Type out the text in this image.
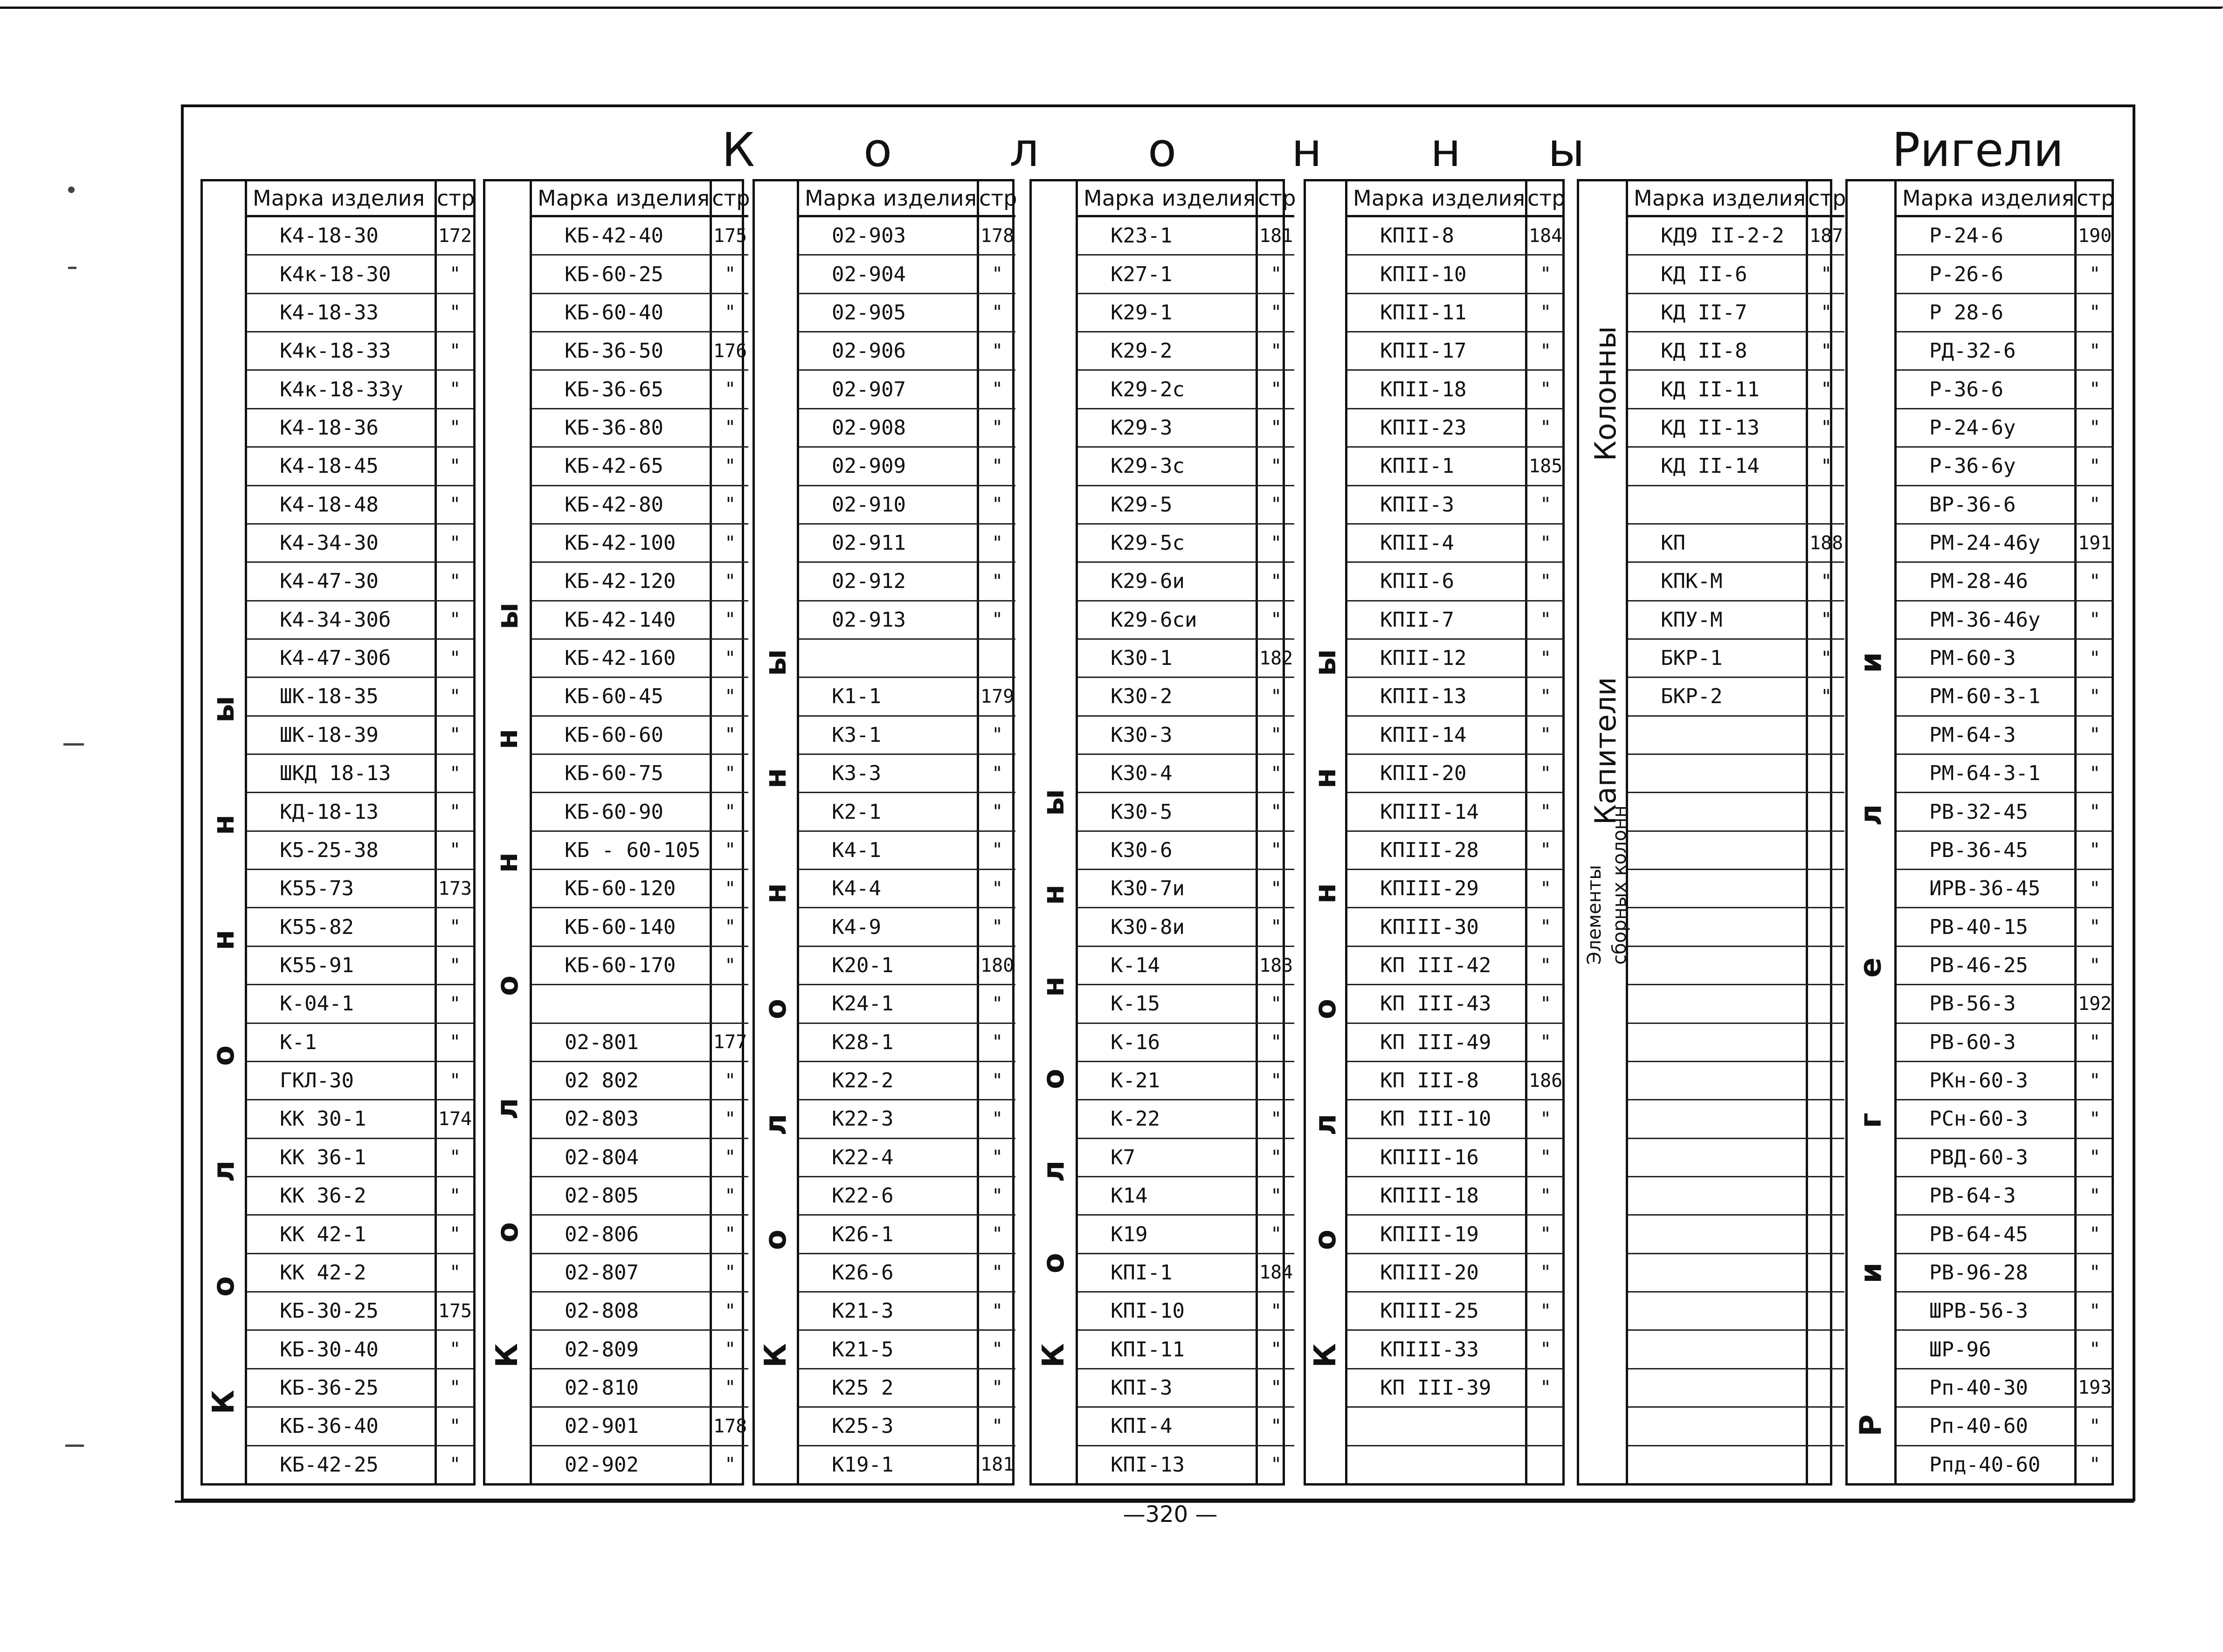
К о	л о н н ы	Ригели
ы
н
н
о
л
о
К
Марка изделия стр
К4-18-30	172
К4к-18-30	"
К4-18-33	"
К4к-18-33	"
К4к-18-33у	"
К4-18-36	"
К4-18-45	"
К4-18-48	"
К4-34-30	"
К4-47-30	"
К4-34-30б	"
К4-47-30б	"
ШК-18-35	"
ШК-18-39	"
ШКД 18-13	"
КД-18-13	"
К5-25-38	"
К55-73	173
К55-82	"
К55-91	"
К-04-1	"
К-1	"
ГКЛ-30	"
КК 30-1	174
КК 36-1	"
КК 36-2	"
КК 42-1	"
КК 42-2	"
КБ-30-25	175
КБ-30-40	"
КБ-36-25	"
КБ-36-40	"
КБ-42-25	"
ы
н
н
о
л
о
К
Марка изделия стр
КБ-42-40	175
КБ-60-25	"
КБ-60-40	"
КБ-36-50	176
КБ-36-65	"
КБ-36-80	"
КБ-42-65	"
КБ-42-80	"
КБ-42-100	"
КБ-42-120	"
КБ-42-140	"
КБ-42-160	"
КБ-60-45	"
КБ-60-60	"
КБ-60-75	"
КБ-60-90	"
КБ - 60-105	"
КБ-60-120	"
КБ-60-140	"
КБ-60-170	"
02-801	177
02 802	"
02-803	"
02-804	"
02-805	"
02-806	"
02-807	"
02-808	"
02-809	"
02-810	"
02-901	178
02-902	"
ы
н
н
о
л
о
К
Марка изделия стр
02-903	178
02-904	"
02-905	"
02-906	"
02-907	"
02-908	"
02-909	"
02-910	"
02-911	"
02-912	"
02-913	"
К1-1	179
К3-1	"
К3-3	"
К2-1	"
К4-1	"
К4-4	"
К4-9	"
К20-1	180
К24-1	"
К28-1	"
К22-2	"
К22-3	"
К22-4	"
К22-6	"
К26-1	"
К26-6	"
К21-3	"
К21-5	"
К25 2	"
К25-3	"
К19-1	181
ы
н
н
о
л
о
К
Марка изделия стр
К23-1	181
К27-1	"
К29-1	"
К29-2	"
К29-2с	"
К29-3	"
К29-3с	"
К29-5	"
К29-5с	"
К29-6и	"
К29-6си	"
К30-1	182
К30-2	"
К30-3	"
К30-4	"
К30-5	"
К30-6	"
К30-7и	"
К30-8и	"
К-14	183
К-15	"
К-16	"
К-21	"
К-22	"
К7	"
К14	"
К19	"
КПI-1	184
КПI-10	"
КПI-11	"
КПI-3	"
КПI-4	"
КПI-13	"
ы
н
н
о
л
о
К
Марка изделия стр
КПII-8	184
КПII-10	"
КПII-11	"
КПII-17	"
КПII-18	"
КПII-23	"
КПII-1	185
КПII-3	"
КПII-4	"
КПII-6	"
КПII-7	"
КПII-12	"
КПII-13	"
КПII-14	"
КПII-20	"
КПIII-14	"
КПIII-28	"
КПIII-29	"
КПIII-30	"
КП III-42	"
КП III-43	"
КП III-49	"
КП III-8	186
КП III-10	"
КПIII-16	"
КПIII-18	"
КПIII-19	"
КПIII-20	"
КПIII-25	"
КПIII-33	"
КП III-39	"
Колонны
Капители
Элементы сборных колонн
Марка изделия стр
КД9 II-2-2	187
КД II-6	"
КД II-7	"
КД II-8	"
КД II-11	"
КД II-13	"
КД II-14	"
КП	188
КПК-М	"
КПУ-М	"
БКР-1	"
БКР-2	"
и
л
е
г
и
Р
Марка изделия стр
Р-24-6	190
Р-26-6	"
Р 28-6	"
РД-32-6	"
Р-36-6	"
Р-24-6у	"
Р-36-6у	"
ВР-36-6	"
РМ-24-46у	191
РМ-28-46	"
РМ-36-46у	"
РМ-60-3	"
РМ-60-3-1	"
РМ-64-3	"
РМ-64-3-1	"
РВ-32-45	"
РВ-36-45	"
ИРВ-36-45	"
РВ-40-15	"
РВ-46-25	"
РВ-56-3	192
РВ-60-3	"
РКн-60-3	"
РСн-60-3	"
РВД-60-3	"
РВ-64-3	"
РВ-64-45	"
РВ-96-28	"
ШРВ-56-3	"
ШР-96	"
Рп-40-30	193
Рп-40-60	"
Рпд-40-60	"
—320 —
